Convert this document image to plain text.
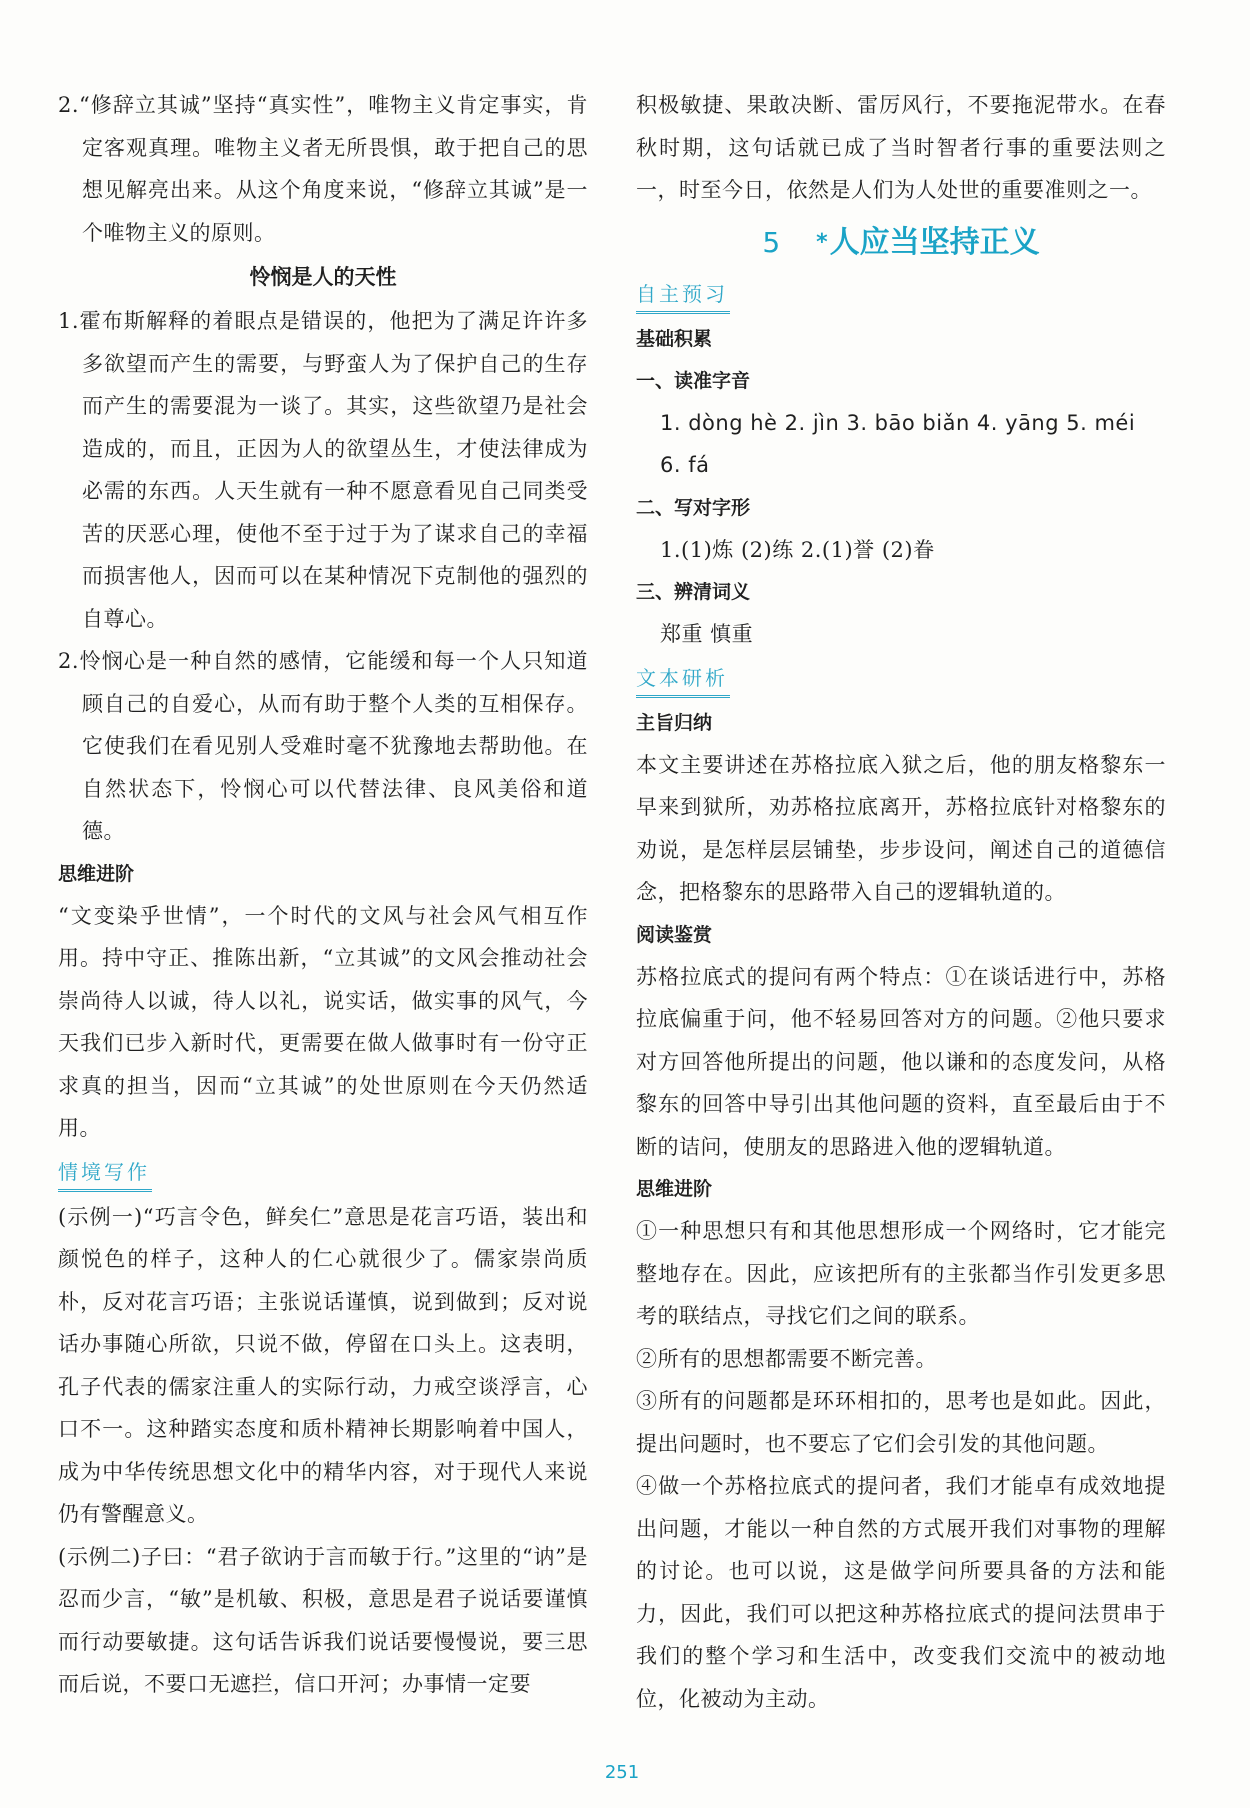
2.“修辞立其诚”坚持“真实性”，唯物主义肯定事实，肯定客观真理。唯物主义者无所畏惧，敢于把自己的思想见解亮出来。从这个角度来说，“修辞立其诚”是一个唯物主义的原则。

怜悯是人的天性

1.霍布斯解释的着眼点是错误的，他把为了满足许许多多欲望而产生的需要，与野蛮人为了保护自己的生存而产生的需要混为一谈了。其实，这些欲望乃是社会造成的，而且，正因为人的欲望丛生，才使法律成为必需的东西。人天生就有一种不愿意看见自己同类受苦的厌恶心理，使他不至于过于为了谋求自己的幸福而损害他人，因而可以在某种情况下克制他的强烈的自尊心。

2.怜悯心是一种自然的感情，它能缓和每一个人只知道顾自己的自爱心，从而有助于整个人类的互相保存。它使我们在看见别人受难时毫不犹豫地去帮助他。在自然状态下，怜悯心可以代替法律、良风美俗和道德。

思维进阶

“文变染乎世情”，一个时代的文风与社会风气相互作用。持中守正、推陈出新，“立其诚”的文风会推动社会崇尚待人以诚，待人以礼，说实话，做实事的风气，今天我们已步入新时代，更需要在做人做事时有一份守正求真的担当，因而“立其诚”的处世原则在今天仍然适用。

情境写作

(示例一)“巧言令色，鲜矣仁”意思是花言巧语，装出和颜悦色的样子，这种人的仁心就很少了。儒家崇尚质朴，反对花言巧语；主张说话谨慎，说到做到；反对说话办事随心所欲，只说不做，停留在口头上。这表明，孔子代表的儒家注重人的实际行动，力戒空谈浮言，心口不一。这种踏实态度和质朴精神长期影响着中国人，成为中华传统思想文化中的精华内容，对于现代人来说仍有警醒意义。

(示例二)子曰：“君子欲讷于言而敏于行。”这里的“讷”是忍而少言，“敏”是机敏、积极，意思是君子说话要谨慎而行动要敏捷。这句话告诉我们说话要慢慢说，要三思而后说，不要口无遮拦，信口开河；办事情一定要

积极敏捷、果敢决断、雷厉风行，不要拖泥带水。在春秋时期，这句话就已成了当时智者行事的重要法则之一，时至今日，依然是人们为人处世的重要准则之一。

5 *人应当坚持正义
自主预习
基础积累
一、读准字音

1. dòng hè 2. jìn 3. bāo biǎn 4. yāng 5. méi

6. fá

二、写对字形

1.(1)炼 (2)练 2.(1)誉 (2)眷

三、辨清词义

郑重 慎重

文本研析
主旨归纳

本文主要讲述在苏格拉底入狱之后，他的朋友格黎东一早来到狱所，劝苏格拉底离开，苏格拉底针对格黎东的劝说，是怎样层层铺垫，步步设问，阐述自己的道德信念，把格黎东的思路带入自己的逻辑轨道的。

阅读鉴赏

苏格拉底式的提问有两个特点：①在谈话进行中，苏格拉底偏重于问，他不轻易回答对方的问题。②他只要求对方回答他所提出的问题，他以谦和的态度发问，从格黎东的回答中导引出其他问题的资料，直至最后由于不断的诘问，使朋友的思路进入他的逻辑轨道。

思维进阶

①一种思想只有和其他思想形成一个网络时，它才能完整地存在。因此，应该把所有的主张都当作引发更多思考的联结点，寻找它们之间的联系。

②所有的思想都需要不断完善。

③所有的问题都是环环相扣的，思考也是如此。因此，提出问题时，也不要忘了它们会引发的其他问题。

④做一个苏格拉底式的提问者，我们才能卓有成效地提出问题，才能以一种自然的方式展开我们对事物的理解的讨论。也可以说，这是做学问所要具备的方法和能力，因此，我们可以把这种苏格拉底式的提问法贯串于我们的整个学习和生活中，改变我们交流中的被动地位，化被动为主动。

251
